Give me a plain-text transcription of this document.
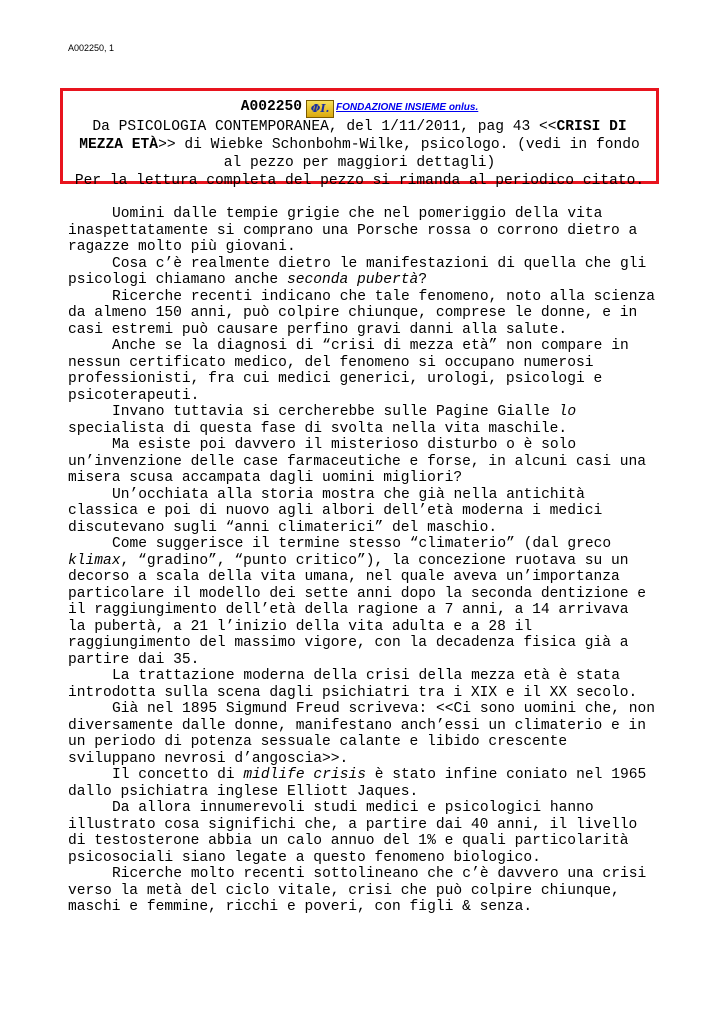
A002250, 1
A002250 ΦI. FONDAZIONE INSIEME onlus.
Da PSICOLOGIA CONTEMPORANEA, del 1/11/2011, pag 43 <<CRISI DI
MEZZA ETÀ>> di Wiebke Schonbohm-Wilke, psicologo. (vedi in fondo
al pezzo per maggiori dettagli)
Per la lettura completa del pezzo si rimanda al periodico citato.

Uomini dalle tempie grigie che nel pomeriggio della vita
inaspettatamente si comprano una Porsche rossa o corrono dietro a
ragazze molto più giovani.

Cosa c’è realmente dietro le manifestazioni di quella che gli
psicologi chiamano anche seconda pubertà?

Ricerche recenti indicano che tale fenomeno, noto alla scienza
da almeno 150 anni, può colpire chiunque, comprese le donne, e in
casi estremi può causare perfino gravi danni alla salute.

Anche se la diagnosi di “crisi di mezza età” non compare in
nessun certificato medico, del fenomeno si occupano numerosi
professionisti, fra cui medici generici, urologi, psicologi e
psicoterapeuti.

Invano tuttavia si cercherebbe sulle Pagine Gialle lo
specialista di questa fase di svolta nella vita maschile.

Ma esiste poi davvero il misterioso disturbo o è solo
un’invenzione delle case farmaceutiche e forse, in alcuni casi una
misera scusa accampata dagli uomini migliori?

Un’occhiata alla storia mostra che già nella antichità
classica e poi di nuovo agli albori dell’età moderna i medici
discutevano sugli “anni climaterici” del maschio.

Come suggerisce il termine stesso “climaterio” (dal greco
klimax, “gradino”, “punto critico”), la concezione ruotava su un
decorso a scala della vita umana, nel quale aveva un’importanza
particolare il modello dei sette anni dopo la seconda dentizione e
il raggiungimento dell’età della ragione a 7 anni, a 14 arrivava
la pubertà, a 21 l’inizio della vita adulta e a 28 il
raggiungimento del massimo vigore, con la decadenza fisica già a
partire dai 35.

La trattazione moderna della crisi della mezza età è stata
introdotta sulla scena dagli psichiatri tra i XIX e il XX secolo.

Già nel 1895 Sigmund Freud scriveva: <<Ci sono uomini che, non
diversamente dalle donne, manifestano anch’essi un climaterio e in
un periodo di potenza sessuale calante e libido crescente
sviluppano nevrosi d’angoscia>>.

Il concetto di midlife crisis è stato infine coniato nel 1965
dallo psichiatra inglese Elliott Jaques.

Da allora innumerevoli studi medici e psicologici hanno
illustrato cosa significhi che, a partire dai 40 anni, il livello
di testosterone abbia un calo annuo del 1% e quali particolarità
psicosociali siano legate a questo fenomeno biologico.

Ricerche molto recenti sottolineano che c’è davvero una crisi
verso la metà del ciclo vitale, crisi che può colpire chiunque,
maschi e femmine, ricchi e poveri, con figli & senza.
